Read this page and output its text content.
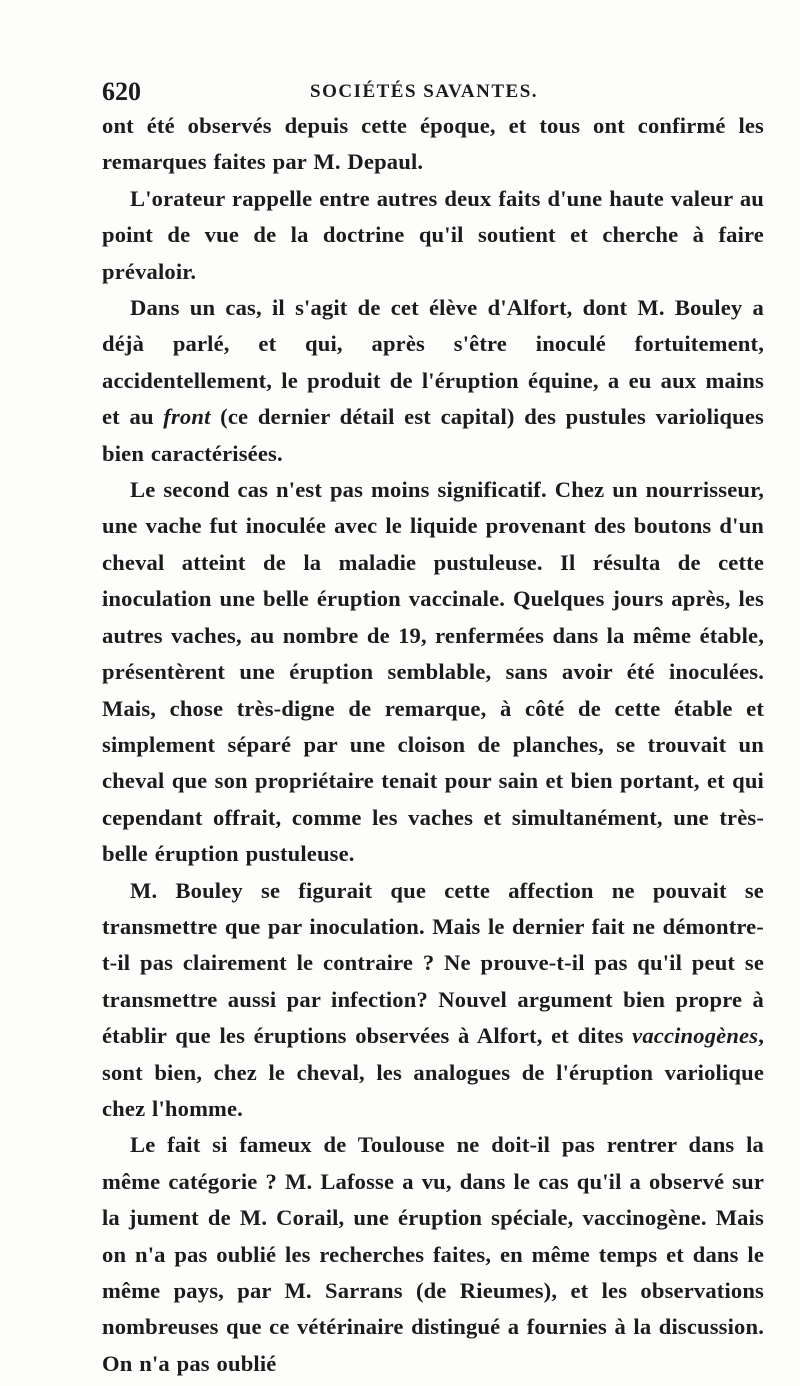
620	SOCIÉTÉS SAVANTES.

ont été observés depuis cette époque, et tous ont confirmé les remarques faites par M. Depaul.

L'orateur rappelle entre autres deux faits d'une haute valeur au point de vue de la doctrine qu'il soutient et cherche à faire prévaloir.

Dans un cas, il s'agit de cet élève d'Alfort, dont M. Bouley a déjà parlé, et qui, après s'être inoculé fortuitement, accidentellement, le produit de l'éruption équine, a eu aux mains et au front (ce dernier détail est capital) des pustules varioliques bien caractérisées.

Le second cas n'est pas moins significatif. Chez un nourrisseur, une vache fut inoculée avec le liquide provenant des boutons d'un cheval atteint de la maladie pustuleuse. Il résulta de cette inoculation une belle éruption vaccinale. Quelques jours après, les autres vaches, au nombre de 19, renfermées dans la même étable, présentèrent une éruption semblable, sans avoir été inoculées. Mais, chose très-digne de remarque, à côté de cette étable et simplement séparé par une cloison de planches, se trouvait un cheval que son propriétaire tenait pour sain et bien portant, et qui cependant offrait, comme les vaches et simultanément, une très-belle éruption pustuleuse.

M. Bouley se figurait que cette affection ne pouvait se transmettre que par inoculation. Mais le dernier fait ne démontre-t-il pas clairement le contraire ? Ne prouve-t-il pas qu'il peut se transmettre aussi par infection? Nouvel argument bien propre à établir que les éruptions observées à Alfort, et dites vaccinogènes, sont bien, chez le cheval, les analogues de l'éruption variolique chez l'homme.

Le fait si fameux de Toulouse ne doit-il pas rentrer dans la même catégorie ? M. Lafosse a vu, dans le cas qu'il a observé sur la jument de M. Corail, une éruption spéciale, vaccinogène. Mais on n'a pas oublié les recherches faites, en même temps et dans le même pays, par M. Sarrans (de Rieumes), et les observations nombreuses que ce vétérinaire distingué a fournies à la discussion. On n'a pas oublié
